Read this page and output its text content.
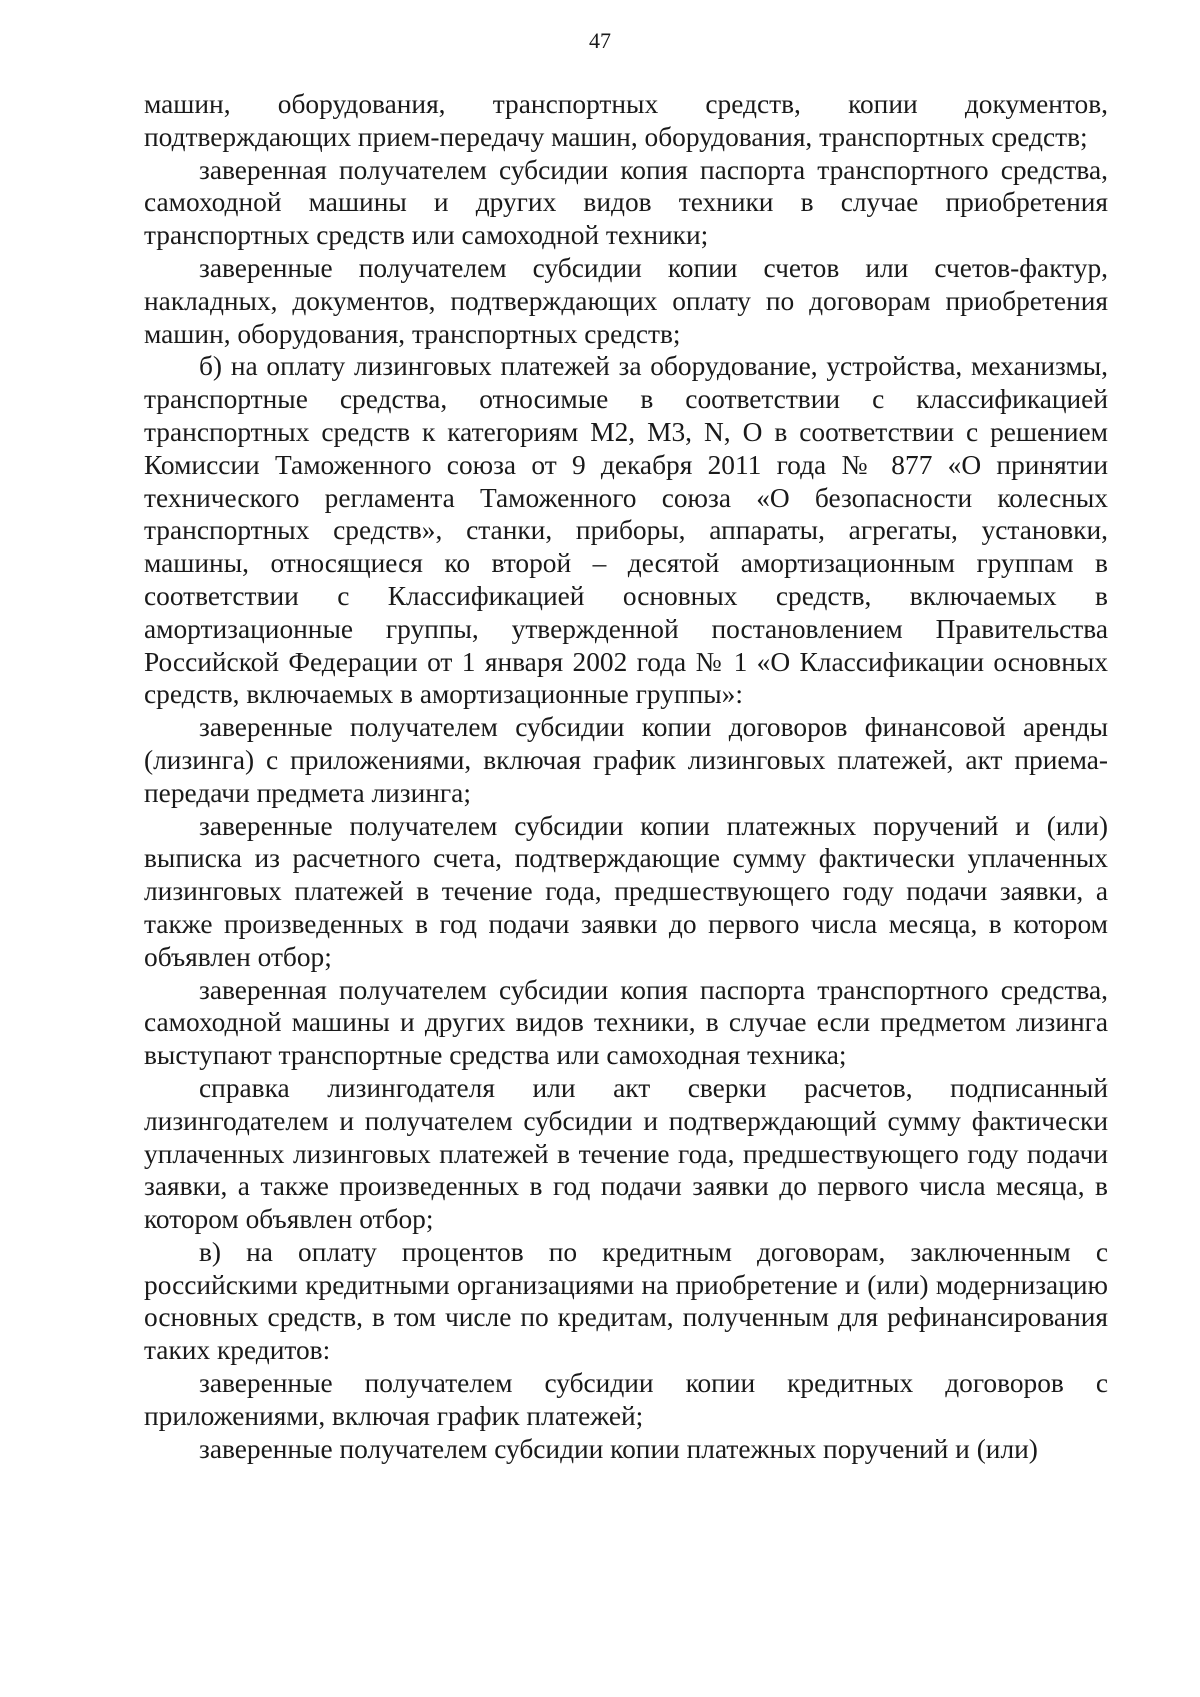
47

машин, оборудования, транспортных средств, копии документов, подтверждающих прием-передачу машин, оборудования, транспортных средств;

заверенная получателем субсидии копия паспорта транспортного средства, самоходной машины и других видов техники в случае приобретения транспортных средств или самоходной техники;

заверенные получателем субсидии копии счетов или счетов-фактур, накладных, документов, подтверждающих оплату по договорам приобретения машин, оборудования, транспортных средств;

б) на оплату лизинговых платежей за оборудование, устройства, механизмы, транспортные средства, относимые в соответствии с классификацией транспортных средств к категориям М2, М3, N, О в соответствии с решением Комиссии Таможенного союза от 9 декабря 2011 года № 877 «О принятии технического регламента Таможенного союза «О безопасности колесных транспортных средств», станки, приборы, аппараты, агрегаты, установки, машины, относящиеся ко второй – десятой амортизационным группам в соответствии с Классификацией основных средств, включаемых в амортизационные группы, утвержденной постановлением Правительства Российской Федерации от 1 января 2002 года № 1 «О Классификации основных средств, включаемых в амортизационные группы»:

заверенные получателем субсидии копии договоров финансовой аренды (лизинга) с приложениями, включая график лизинговых платежей, акт приема-передачи предмета лизинга;

заверенные получателем субсидии копии платежных поручений и (или) выписка из расчетного счета, подтверждающие сумму фактически уплаченных лизинговых платежей в течение года, предшествующего году подачи заявки, а также произведенных в год подачи заявки до первого числа месяца, в котором объявлен отбор;

заверенная получателем субсидии копия паспорта транспортного средства, самоходной машины и других видов техники, в случае если предметом лизинга выступают транспортные средства или самоходная техника;

справка лизингодателя или акт сверки расчетов, подписанный лизингодателем и получателем субсидии и подтверждающий сумму фактически уплаченных лизинговых платежей в течение года, предшествующего году подачи заявки, а также произведенных в год подачи заявки до первого числа месяца, в котором объявлен отбор;

в) на оплату процентов по кредитным договорам, заключенным с российскими кредитными организациями на приобретение и (или) модернизацию основных средств, в том числе по кредитам, полученным для рефинансирования таких кредитов:

заверенные получателем субсидии копии кредитных договоров с приложениями, включая график платежей;

заверенные получателем субсидии копии платежных поручений и (или)
